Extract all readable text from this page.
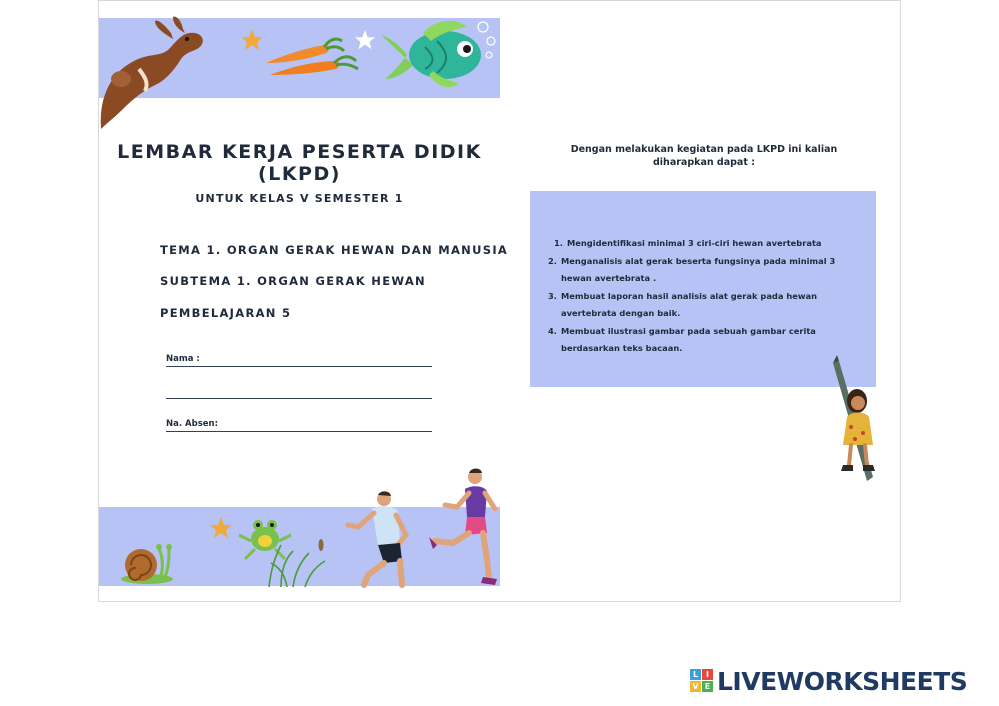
LEMBAR KERJA PESERTA DIDIK
(LKPD)
UNTUK KELAS V SEMESTER 1
TEMA 1. ORGAN GERAK HEWAN DAN MANUSIA
SUBTEMA 1. ORGAN GERAK HEWAN
PEMBELAJARAN 5
Nama :
Na. Absen:
Dengan melakukan kegiatan pada LKPD ini kalian diharapkan dapat :
1. Mengidentifikasi minimal 3 ciri-ciri hewan avertebrata
2. Menganalisis alat gerak beserta fungsinya pada minimal 3
hewan avertebrata .
3. Membuat laporan hasil analisis alat gerak pada hewan
avertebrata dengan baik.
4. Membuat ilustrasi gambar pada sebuah gambar cerita
berdasarkan teks bacaan.
L I
V E LIVEWORKSHEETS
